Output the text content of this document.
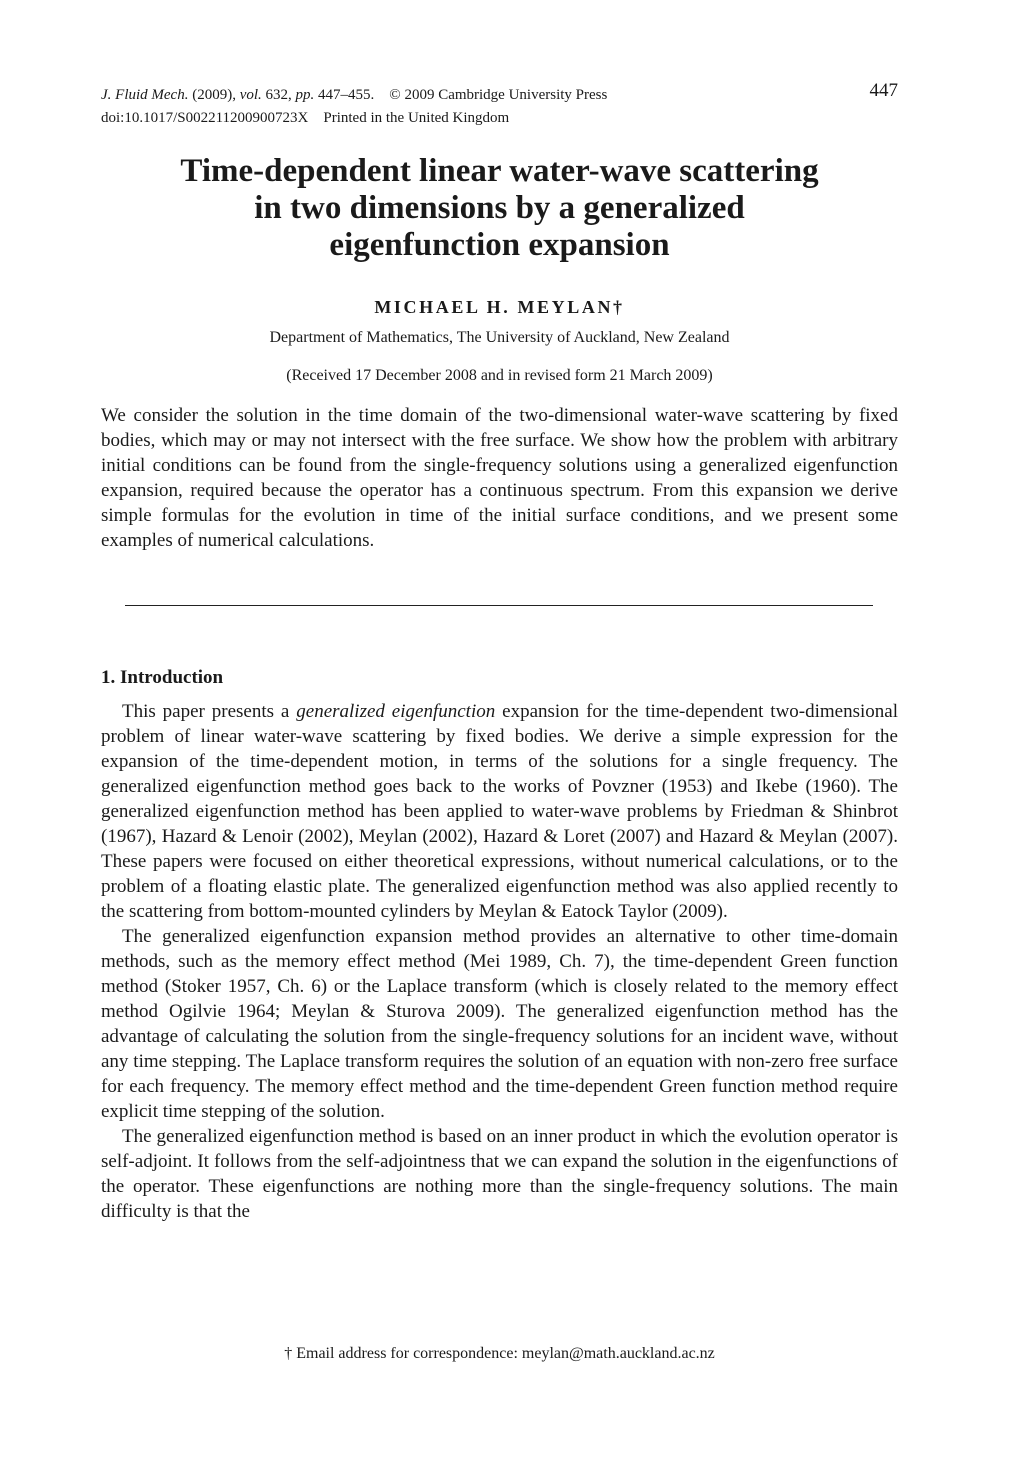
J. Fluid Mech. (2009), vol. 632, pp. 447–455. © 2009 Cambridge University Press
doi:10.1017/S002211200900723X Printed in the United Kingdom
447
Time-dependent linear water-wave scattering
in two dimensions by a generalized
eigenfunction expansion
MICHAEL H. MEYLAN†
Department of Mathematics, The University of Auckland, New Zealand
(Received 17 December 2008 and in revised form 21 March 2009)

We consider the solution in the time domain of the two-dimensional water-wave scattering by fixed bodies, which may or may not intersect with the free surface. We show how the problem with arbitrary initial conditions can be found from the single-frequency solutions using a generalized eigenfunction expansion, required because the operator has a continuous spectrum. From this expansion we derive simple formulas for the evolution in time of the initial surface conditions, and we present some examples of numerical calculations.

1. Introduction

This paper presents a generalized eigenfunction expansion for the time-dependent two-dimensional problem of linear water-wave scattering by fixed bodies. We derive a simple expression for the expansion of the time-dependent motion, in terms of the solutions for a single frequency. The generalized eigenfunction method goes back to the works of Povzner (1953) and Ikebe (1960). The generalized eigenfunction method has been applied to water-wave problems by Friedman & Shinbrot (1967), Hazard & Lenoir (2002), Meylan (2002), Hazard & Loret (2007) and Hazard & Meylan (2007). These papers were focused on either theoretical expressions, without numerical calculations, or to the problem of a floating elastic plate. The generalized eigenfunction method was also applied recently to the scattering from bottom-mounted cylinders by Meylan & Eatock Taylor (2009).

The generalized eigenfunction expansion method provides an alternative to other time-domain methods, such as the memory effect method (Mei 1989, Ch. 7), the time-dependent Green function method (Stoker 1957, Ch. 6) or the Laplace transform (which is closely related to the memory effect method Ogilvie 1964; Meylan & Sturova 2009). The generalized eigenfunction method has the advantage of calculating the solution from the single-frequency solutions for an incident wave, without any time stepping. The Laplace transform requires the solution of an equation with non-zero free surface for each frequency. The memory effect method and the time-dependent Green function method require explicit time stepping of the solution.

The generalized eigenfunction method is based on an inner product in which the evolution operator is self-adjoint. It follows from the self-adjointness that we can expand the solution in the eigenfunctions of the operator. These eigenfunctions are nothing more than the single-frequency solutions. The main difficulty is that the

† Email address for correspondence: meylan@math.auckland.ac.nz
